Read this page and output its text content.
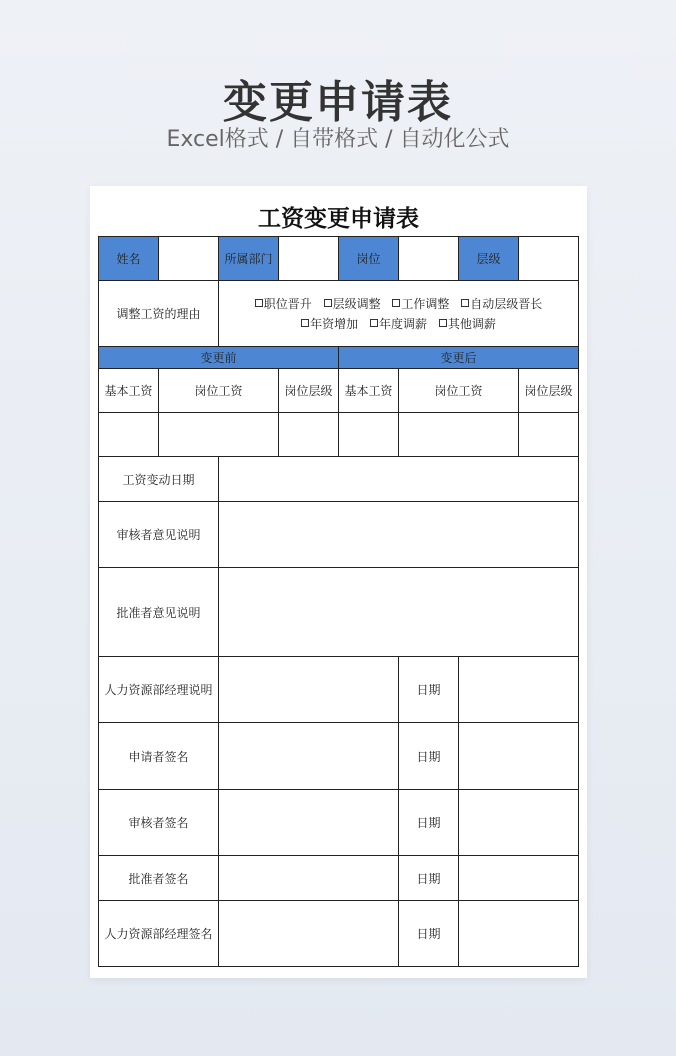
变更申请表
Excel格式 / 自带格式 / 自动化公式
工资变更申请表
姓名		所属部门		岗位		层级	
调整工资的理由		职位晋升 层级调整 工作调整 自动层级晋长
年资增加 年度调薪 其他调薪					

变更前				变更后			
基本工资	岗位工资		岗位层级	基本工资	岗位工资		岗位层级

工资变动日期							
审核者意见说明							
批准者意见说明							
人力资源部经理说明					日期		
申请者签名					日期		
审核者签名					日期		
批准者签名					日期		
人力资源部经理签名					日期		
